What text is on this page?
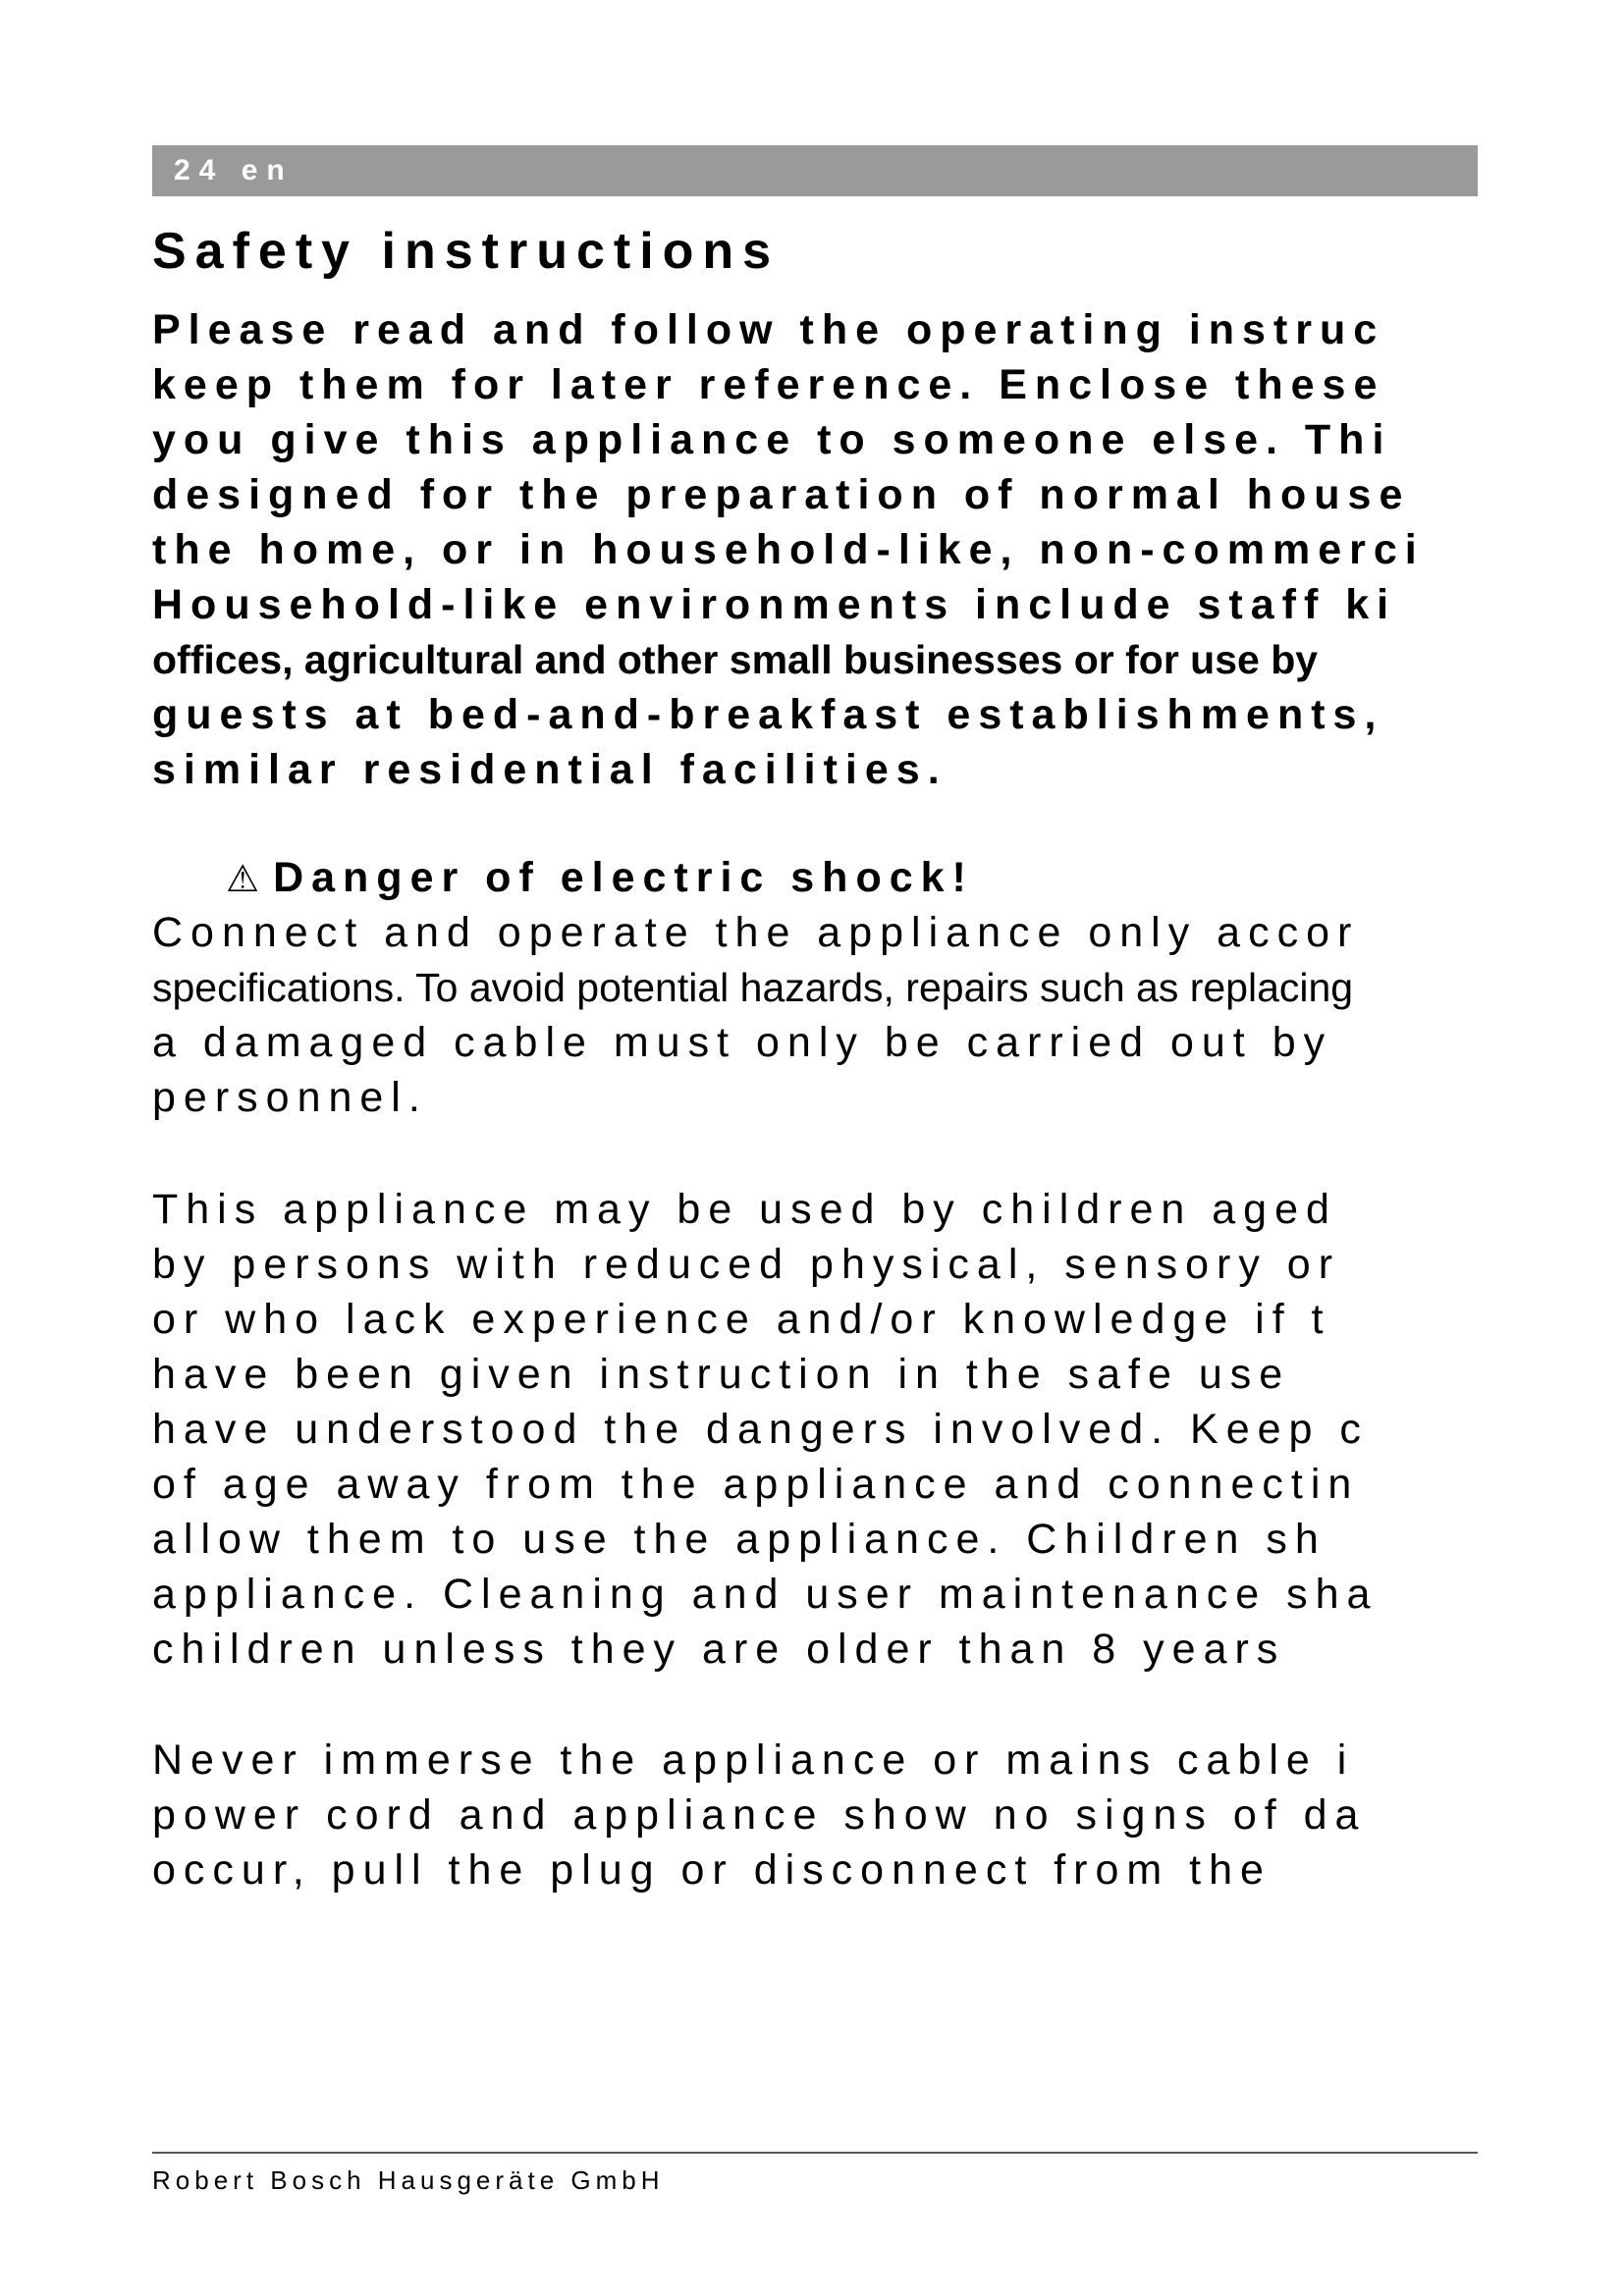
24 en
Safety instructions
Please read and follow the operating instruc
keep them for later reference. Enclose these
you give this appliance to someone else. Thi
designed for the preparation of normal house
the home, or in household-like, non-commerci
Household-like environments include staff ki
offices, agricultural and other small businesses or for use by
guests at bed-and-breakfast establishments,
similar residential facilities.
⚠ Danger of electric shock!
Connect and operate the appliance only accor
specifications. To avoid potential hazards, repairs such as replacing
a damaged cable must only be carried out by
personnel.
This appliance may be used by children aged
by persons with reduced physical, sensory or
or who lack experience and/or knowledge if t
have been given instruction in the safe use
have understood the dangers involved. Keep c
of age away from the appliance and connectin
allow them to use the appliance. Children sh
appliance. Cleaning and user maintenance sha
children unless they are older than 8 years
Never immerse the appliance or mains cable i
power cord and appliance show no signs of da
occur, pull the plug or disconnect from the
Robert Bosch Hausgeräte GmbH
